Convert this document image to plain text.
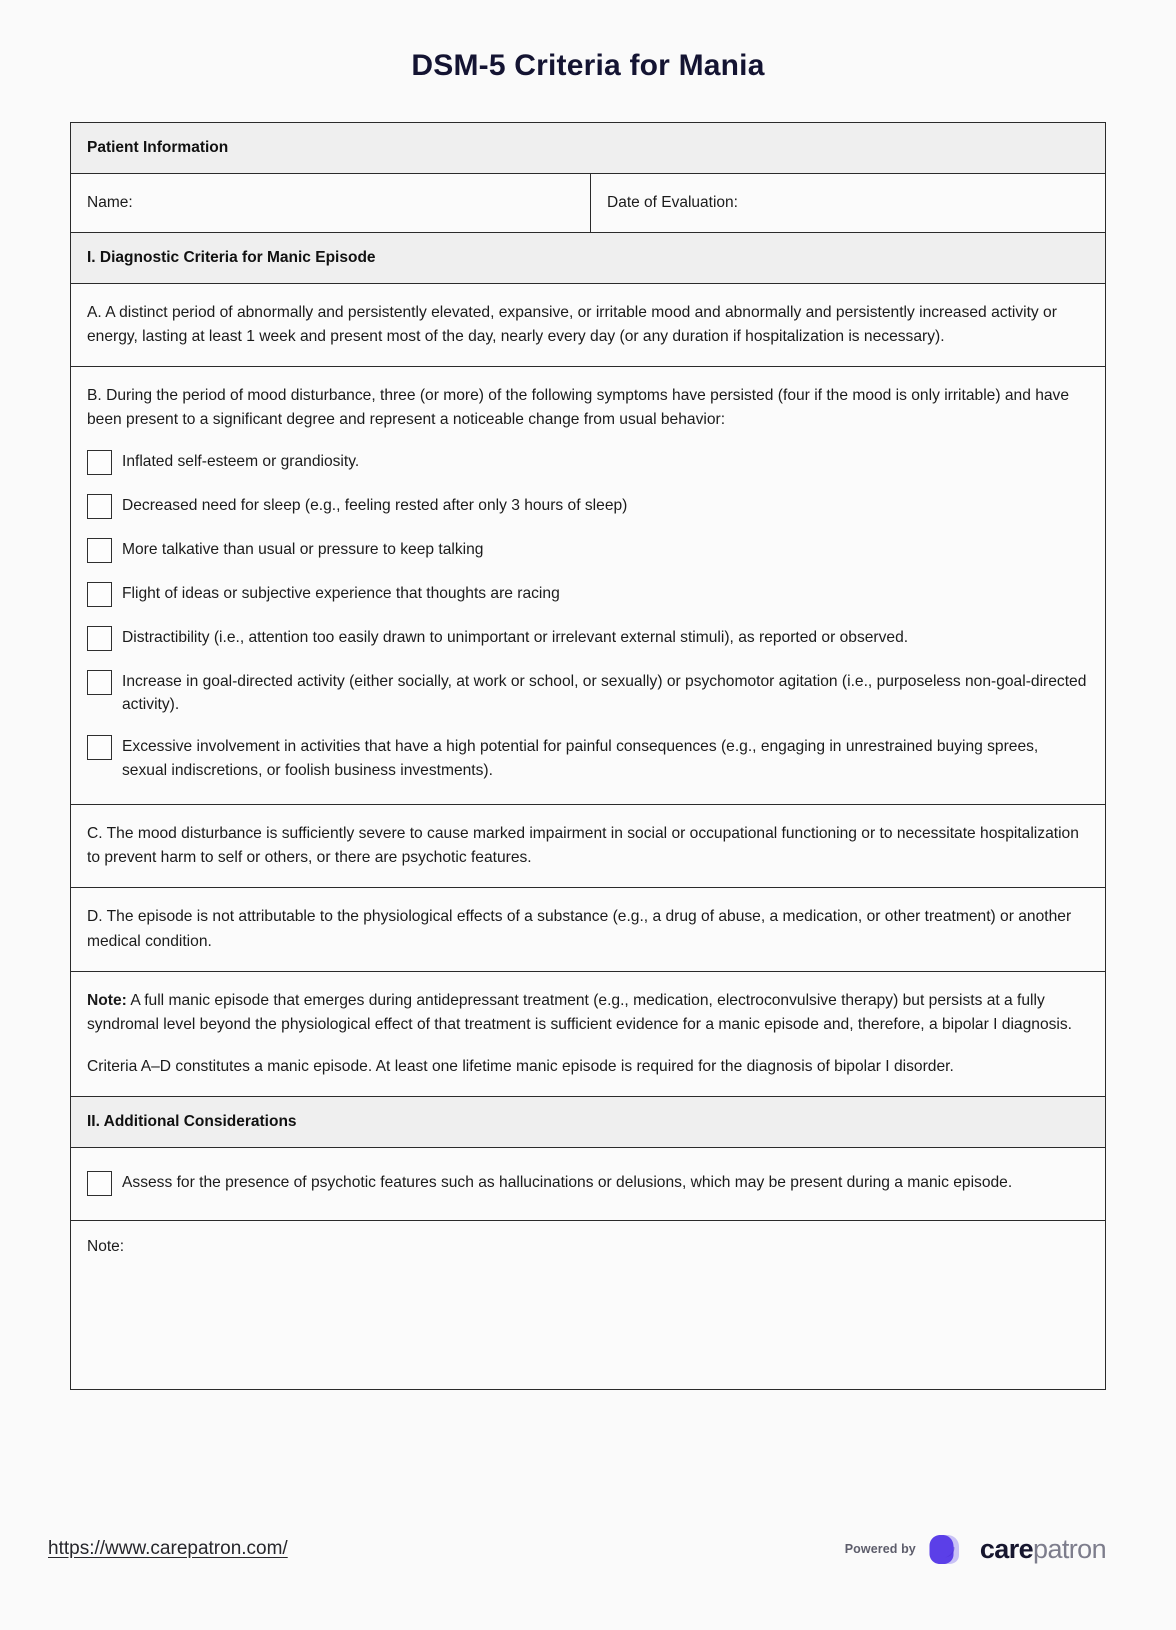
DSM-5 Criteria for Mania
Patient Information
Name:	Date of Evaluation:
I. Diagnostic Criteria for Manic Episode

A. A distinct period of abnormally and persistently elevated, expansive, or irritable mood and abnormally and persistently increased activity or energy, lasting at least 1 week and present most of the day, nearly every day (or any duration if hospitalization is necessary).

B. During the period of mood disturbance, three (or more) of the following symptoms have persisted (four if the mood is only irritable) and have been present to a significant degree and represent a noticeable change from usual behavior:
Inflated self-esteem or grandiosity.
Decreased need for sleep (e.g., feeling rested after only 3 hours of sleep)
More talkative than usual or pressure to keep talking
Flight of ideas or subjective experience that thoughts are racing
Distractibility (i.e., attention too easily drawn to unimportant or irrelevant external stimuli), as reported or observed.
Increase in goal-directed activity (either socially, at work or school, or sexually) or psychomotor agitation (i.e., purposeless non-goal-directed activity).
Excessive involvement in activities that have a high potential for painful consequences (e.g., engaging in unrestrained buying sprees, sexual indiscretions, or foolish business investments).

C. The mood disturbance is sufficiently severe to cause marked impairment in social or occupational functioning or to necessitate hospitalization to prevent harm to self or others, or there are psychotic features.

D. The episode is not attributable to the physiological effects of a substance (e.g., a drug of abuse, a medication, or other treatment) or another medical condition.

Note: A full manic episode that emerges during antidepressant treatment (e.g., medication, electroconvulsive therapy) but persists at a fully syndromal level beyond the physiological effect of that treatment is sufficient evidence for a manic episode and, therefore, a bipolar I diagnosis.

Criteria A–D constitutes a manic episode. At least one lifetime manic episode is required for the diagnosis of bipolar I disorder.

II. Additional Considerations
Assess for the presence of psychotic features such as hallucinations or delusions, which may be present during a manic episode.
Note:
https://www.carepatron.com/	Powered by carepatron
